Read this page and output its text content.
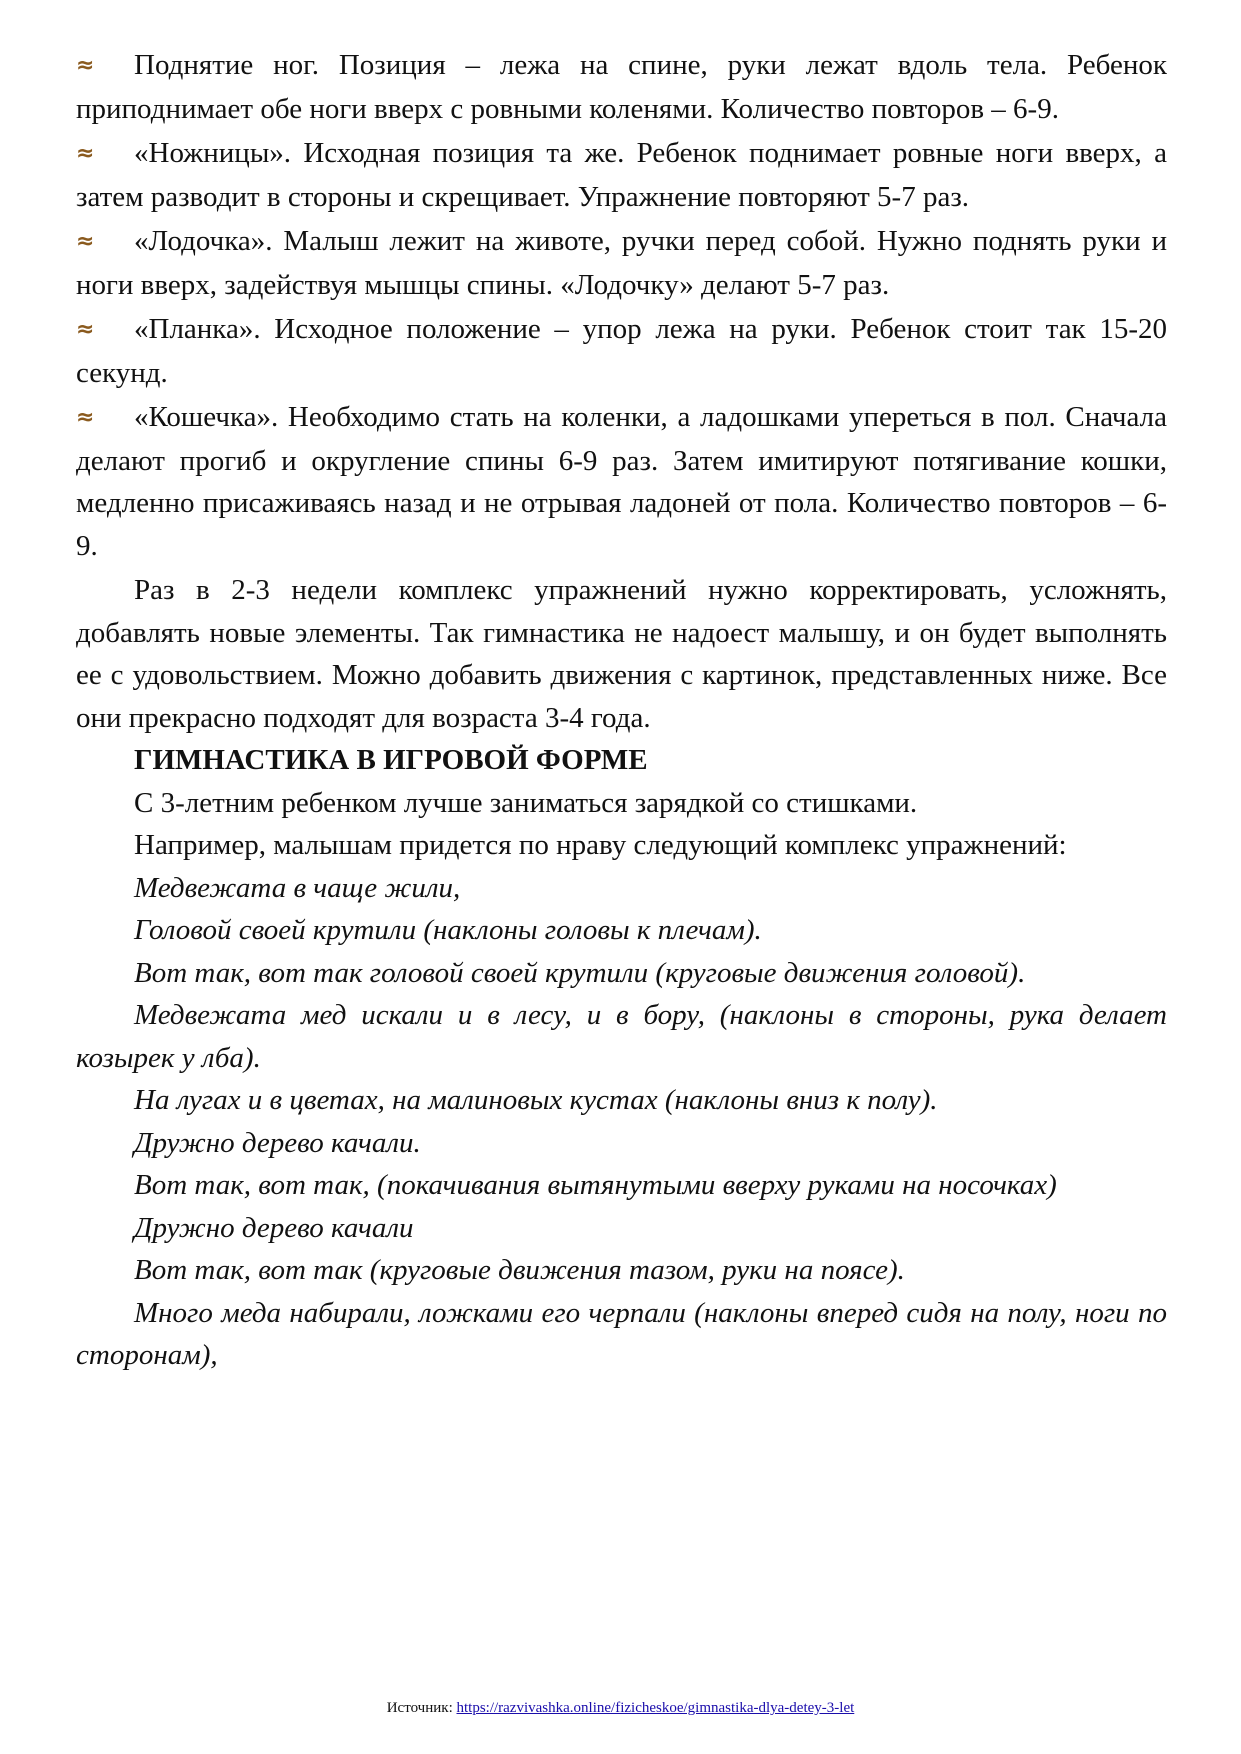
≈ Поднятие ног. Позиция – лежа на спине, руки лежат вдоль тела. Ребенок приподнимает обе ноги вверх с ровными коленями. Количество повторов – 6-9.

≈ «Ножницы». Исходная позиция та же. Ребенок поднимает ровные ноги вверх, а затем разводит в стороны и скрещивает. Упражнение повторяют 5-7 раз.

≈ «Лодочка». Малыш лежит на животе, ручки перед собой. Нужно поднять руки и ноги вверх, задействуя мышцы спины. «Лодочку» делают 5-7 раз.

≈ «Планка». Исходное положение – упор лежа на руки. Ребенок стоит так 15-20 секунд.

≈ «Кошечка». Необходимо стать на коленки, а ладошками упереться в пол. Сначала делают прогиб и округление спины 6-9 раз. Затем имитируют потягивание кошки, медленно присаживаясь назад и не отрывая ладоней от пола. Количество повторов – 6-9.

Раз в 2-3 недели комплекс упражнений нужно корректировать, усложнять, добавлять новые элементы. Так гимнастика не надоест малышу, и он будет выполнять ее с удовольствием. Можно добавить движения с картинок, представленных ниже. Все они прекрасно подходят для возраста 3-4 года.

ГИМНАСТИКА В ИГРОВОЙ ФОРМЕ

С 3-летним ребенком лучше заниматься зарядкой со стишками.

Например, малышам придется по нраву следующий комплекс упражнений:

Медвежата в чаще жили,

Головой своей крутили (наклоны головы к плечам).

Вот так, вот так головой своей крутили (круговые движения головой).

Медвежата мед искали и в лесу, и в бору, (наклоны в стороны, рука делает козырек у лба).

На лугах и в цветах, на малиновых кустах (наклоны вниз к полу).

Дружно дерево качали.

Вот так, вот так, (покачивания вытянутыми вверху руками на носочках)

Дружно дерево качали

Вот так, вот так (круговые движения тазом, руки на поясе).

Много меда набирали, ложками его черпали (наклоны вперед сидя на полу, ноги по сторонам),

Источник: https://razvivashka.online/fizicheskoe/gimnastika-dlya-detey-3-let
